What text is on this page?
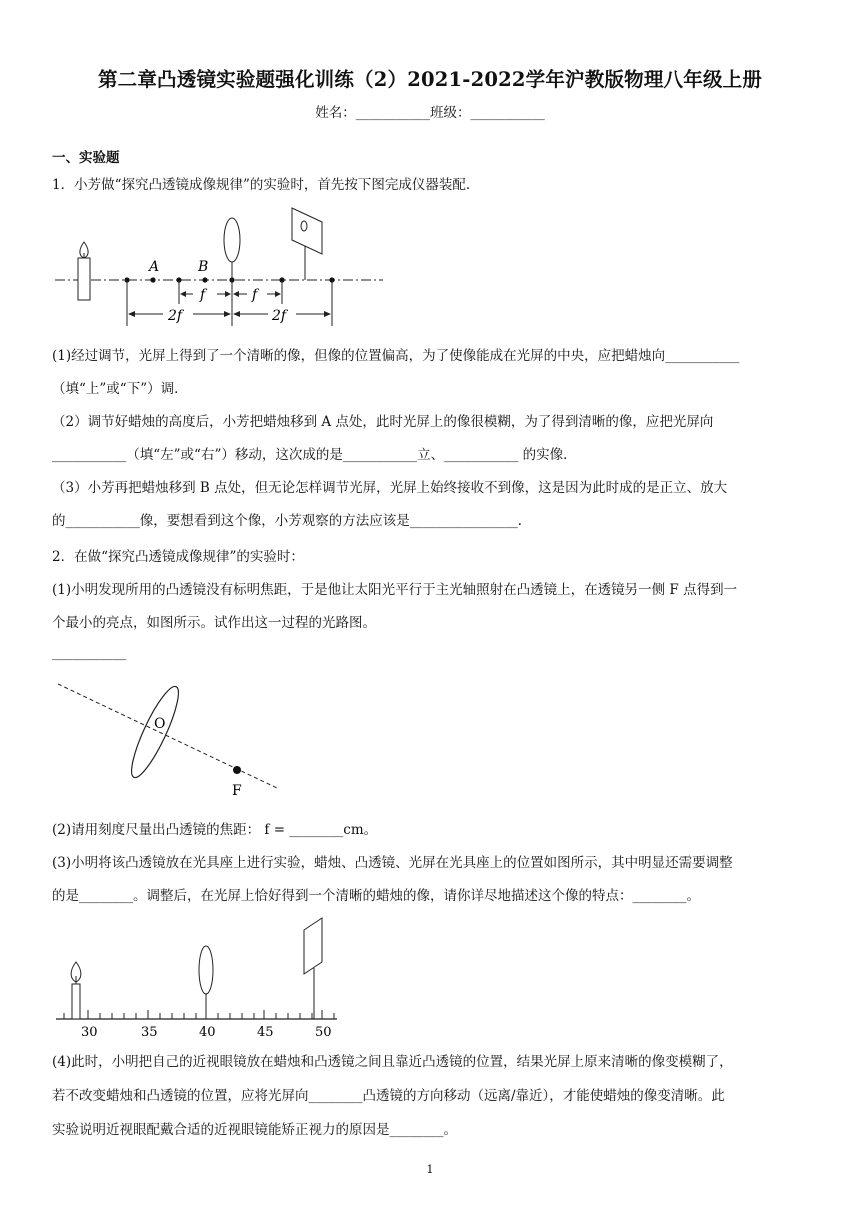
第二章凸透镜实验题强化训练（2）2021-2022学年沪教版物理八年级上册
姓名：___________班级：___________
一、实验题
1．小芳做“探究凸透镜成像规律”的实验时，首先按下图完成仪器装配．
A	B
f	f
2f	2f
(1)经过调节，光屏上得到了一个清晰的像，但像的位置偏高，为了使像能成在光屏的中央，应把蜡烛向___________
（填“上”或“下”）调．
（2）调节好蜡烛的高度后，小芳把蜡烛移到 A 点处，此时光屏上的像很模糊，为了得到清晰的像，应把光屏向
___________（填“左”或“右”）移动，这次成的是___________立、___________ 的实像．
（3）小芳再把蜡烛移到 B 点处，但无论怎样调节光屏，光屏上始终接收不到像，这是因为此时成的是正立、放大
的___________像，要想看到这个像，小芳观察的方法应该是________________．
2．在做“探究凸透镜成像规律”的实验时：
(1)小明发现所用的凸透镜没有标明焦距，于是他让太阳光平行于主光轴照射在凸透镜上，在透镜另一侧 F 点得到一
个最小的亮点，如图所示。试作出这一过程的光路图。
___________
O
F
(2)请用刻度尺量出凸透镜的焦距： f = ________cm。
(3)小明将该凸透镜放在光具座上进行实验，蜡烛、凸透镜、光屏在光具座上的位置如图所示，其中明显还需要调整
的是________。调整后，在光屏上恰好得到一个清晰的蜡烛的像，请你详尽地描述这个像的特点：________。
30	35	40	45	50
(4)此时，小明把自己的近视眼镜放在蜡烛和凸透镜之间且靠近凸透镜的位置，结果光屏上原来清晰的像变模糊了，
若不改变蜡烛和凸透镜的位置，应将光屏向________凸透镜的方向移动（远离/靠近），才能使蜡烛的像变清晰。此
实验说明近视眼配戴合适的近视眼镜能矫正视力的原因是________。
1
